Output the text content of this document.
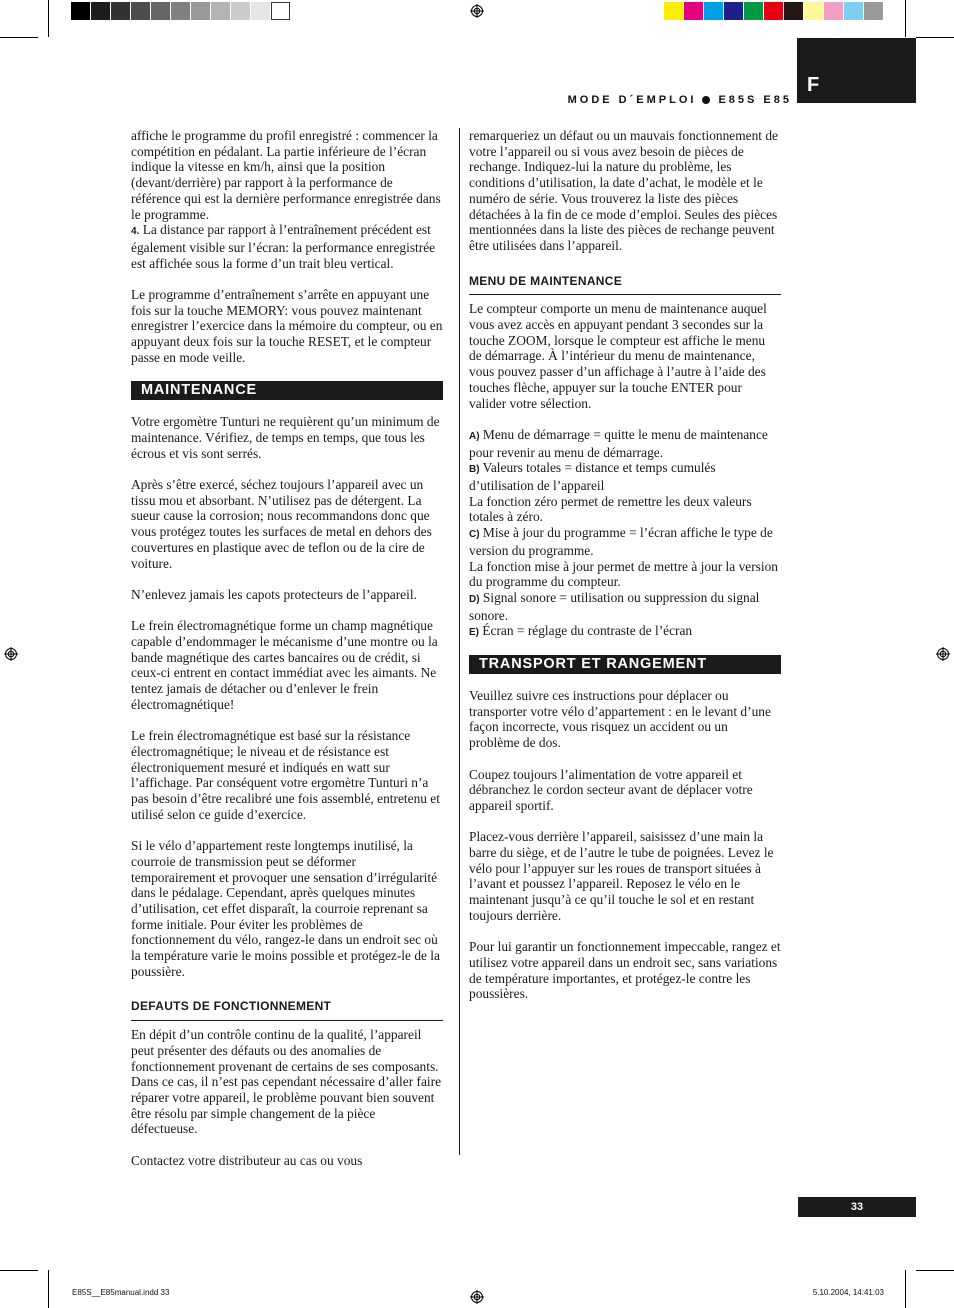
F
MODE D´EMPLOI E85S E85

affiche le programme du profil enregistré : commencer la compétition en pédalant. La partie inférieure de l’écran indique la vitesse en km/h, ainsi que la position (devant/derrière) par rapport à la performance de référence qui est la dernière performance enregistrée dans le programme.

4. La distance par rapport à l’entraînement précédent est également visible sur l’écran: la performance enregistrée est affichée sous la forme d’un trait bleu vertical.

Le programme d’entraînement s’arrête en appuyant une fois sur la touche MEMORY: vous pouvez maintenant enregistrer l’exercice dans la mémoire du compteur, ou en appuyant deux fois sur la touche RESET, et le compteur passe en mode veille.

MAINTENANCE

Votre ergomètre Tunturi ne requièrent qu’un minimum de maintenance. Vérifiez, de temps en temps, que tous les écrous et vis sont serrés.

Après s’être exercé, séchez toujours l’appareil avec un tissu mou et absorbant. N’utilisez pas de détergent. La sueur cause la corrosion; nous recommandons donc que vous protégez toutes les surfaces de metal en dehors des couvertures en plastique avec de teflon ou de la cire de voiture.

N’enlevez jamais les capots protecteurs de l’appareil.

Le frein électromagnétique forme un champ magnétique capable d’endommager le mécanisme d’une montre ou la bande magnétique des cartes bancaires ou de crédit, si ceux-ci entrent en contact immédiat avec les aimants. Ne tentez jamais de détacher ou d’enlever le frein électromagnétique!

Le frein électromagnétique est basé sur la résistance électromagnétique; le niveau et de résistance est électroniquement mesuré et indiqués en watt sur l’affichage. Par conséquent votre ergomètre Tunturi n’a pas besoin d’être recalibré une fois assemblé, entretenu et utilisé selon ce guide d’exercice.

Si le vélo d’appartement reste longtemps inutilisé, la courroie de transmission peut se déformer temporairement et provoquer une sensation d’irrégularité dans le pédalage. Cependant, après quelques minutes d’utilisation, cet effet disparaît, la courroie reprenant sa forme initiale. Pour éviter les problèmes de fonctionnement du vélo, rangez-le dans un endroit sec où la température varie le moins possible et protégez-le de la poussière.

DEFAUTS DE FONCTIONNEMENT

En dépit d’un contrôle continu de la qualité, l’appareil peut présenter des défauts ou des anomalies de fonctionnement provenant de certains de ses composants. Dans ce cas, il n’est pas cependant nécessaire d’aller faire réparer votre appareil, le problème pouvant bien souvent être résolu par simple changement de la pièce défectueuse.

Contactez votre distributeur au cas ou vous

remarqueriez un défaut ou un mauvais fonctionnement de votre l’appareil ou si vous avez besoin de pièces de rechange. Indiquez-lui la nature du problème, les conditions d’utilisation, la date d’achat, le modèle et le numéro de série. Vous trouverez la liste des pièces détachées à la fin de ce mode d’emploi. Seules des pièces mentionnées dans la liste des pièces de rechange peuvent être utilisées dans l’appareil.

MENU DE MAINTENANCE

Le compteur comporte un menu de maintenance auquel vous avez accès en appuyant pendant 3 secondes sur la touche ZOOM, lorsque le compteur est affiche le menu de démarrage. À l’intérieur du menu de maintenance, vous pouvez passer d’un affichage à l’autre à l’aide des touches flèche, appuyer sur la touche ENTER pour valider votre sélection.

A) Menu de démarrage = quitte le menu de maintenance pour revenir au menu de démarrage.

B) Valeurs totales = distance et temps cumulés d’utilisation de l’appareil

La fonction zéro permet de remettre les deux valeurs totales à zéro.

C) Mise à jour du programme = l’écran affiche le type de version du programme.

La fonction mise à jour permet de mettre à jour la version du programme du compteur.

D) Signal sonore = utilisation ou suppression du signal sonore.

E) Écran = réglage du contraste de l’écran

TRANSPORT ET RANGEMENT

Veuillez suivre ces instructions pour déplacer ou transporter votre vélo d’appartement : en le levant d’une façon incorrecte, vous risquez un accident ou un problème de dos.

Coupez toujours l’alimentation de votre appareil et débranchez le cordon secteur avant de déplacer votre appareil sportif.

Placez-vous derrière l’appareil, saisissez d’une main la barre du siège, et de l’autre le tube de poignées. Levez le vélo pour l’appuyer sur les roues de transport situées à l’avant et poussez l’appareil. Reposez le vélo en le maintenant jusqu’à ce qu’il touche le sol et en restant toujours derrière.

Pour lui garantir un fonctionnement impeccable, rangez et utilisez votre appareil dans un endroit sec, sans variations de température importantes, et protégez-le contre les poussières.

33
E85S__E85manual.indd 33	5.10.2004, 14:41:03
